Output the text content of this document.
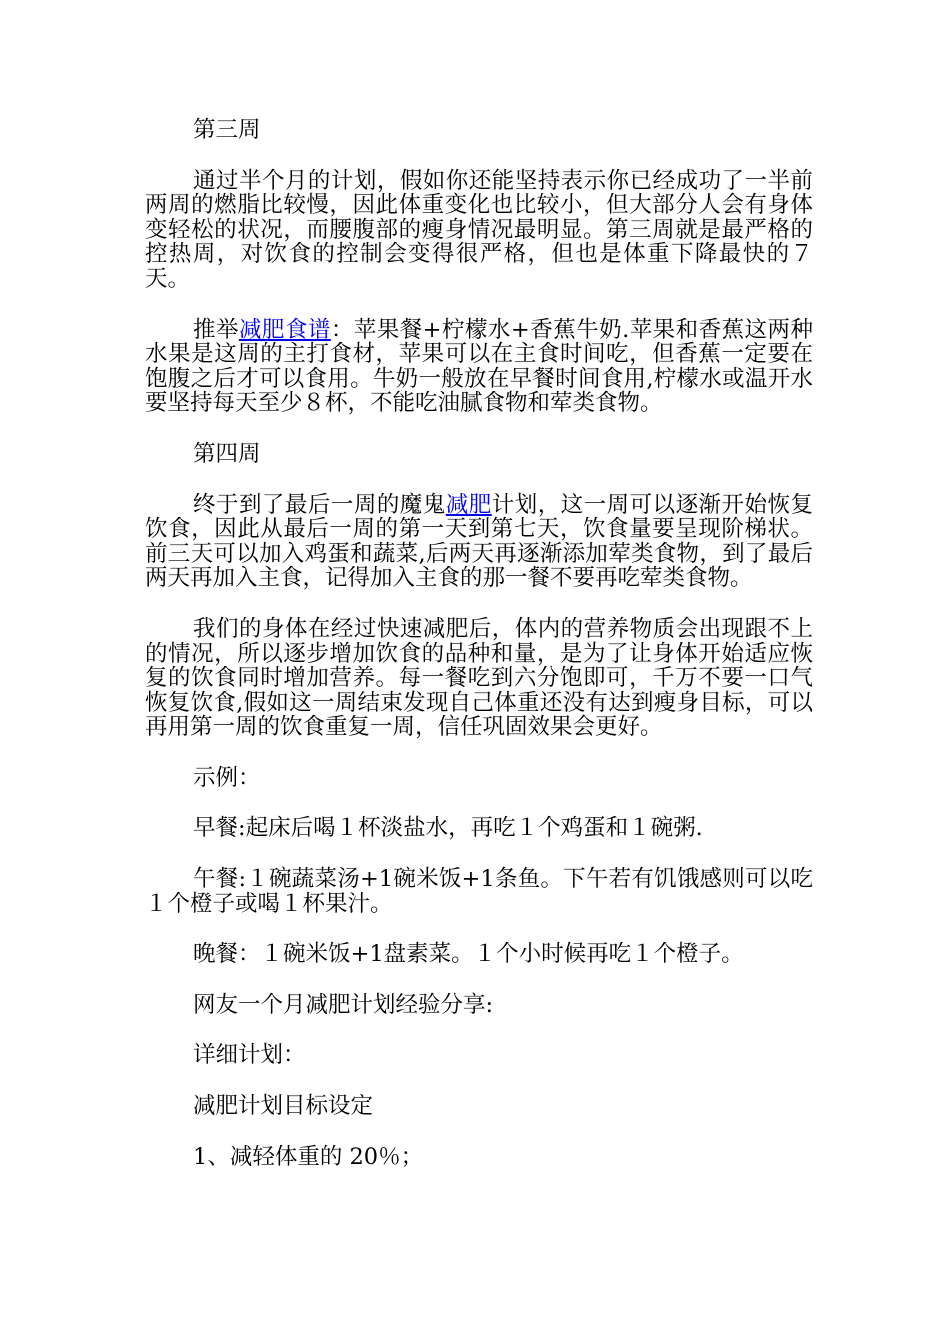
第三周

通过半个月的计划，假如你还能坚持表示你已经成功了一半前两周的燃脂比较慢，因此体重变化也比较小，但大部分人会有身体变轻松的状况，而腰腹部的瘦身情况最明显。第三周就是最严格的控热周，对饮食的控制会变得很严格，但也是体重下降最快的７天。

推举减肥食谱：苹果餐+柠檬水+香蕉牛奶.苹果和香蕉这两种水果是这周的主打食材，苹果可以在主食时间吃，但香蕉一定要在饱腹之后才可以食用。牛奶一般放在早餐时间食用,柠檬水或温开水要坚持每天至少８杯，不能吃油腻食物和荤类食物。

第四周

终于到了最后一周的魔鬼减肥计划，这一周可以逐渐开始恢复饮食，因此从最后一周的第一天到第七天，饮食量要呈现阶梯状。前三天可以加入鸡蛋和蔬菜,后两天再逐渐添加荤类食物，到了最后两天再加入主食，记得加入主食的那一餐不要再吃荤类食物。

我们的身体在经过快速减肥后，体内的营养物质会出现跟不上的情况，所以逐步增加饮食的品种和量，是为了让身体开始适应恢复的饮食同时增加营养。每一餐吃到六分饱即可，千万不要一口气恢复饮食,假如这一周结束发现自己体重还没有达到瘦身目标，可以再用第一周的饮食重复一周，信任巩固效果会更好。

示例：

早餐:起床后喝１杯淡盐水，再吃１个鸡蛋和１碗粥.

午餐:１碗蔬菜汤+1碗米饭+1条鱼。下午若有饥饿感则可以吃１个橙子或喝１杯果汁。

晚餐：１碗米饭+1盘素菜。１个小时候再吃１个橙子。

网友一个月减肥计划经验分享:

详细计划：

减肥计划目标设定

1、减轻体重的 20％；
